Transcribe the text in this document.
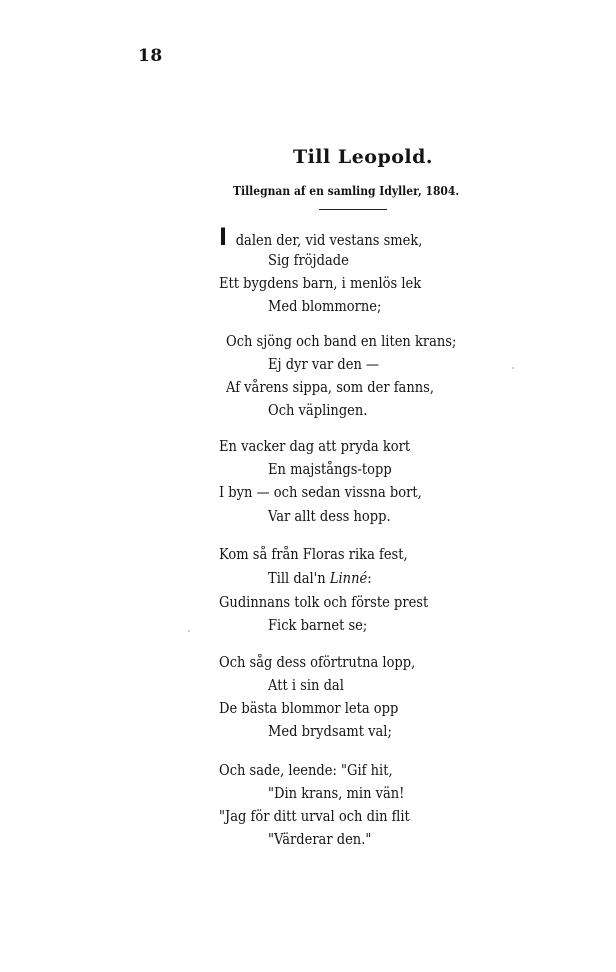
18
Till Leopold.
Tillegnan af en samling Idyller, 1804.
I dalen der, vid vestans smek,
Sig fröjdade
Ett bygdens barn, i menlös lek
Med blommorne;
Och sjöng och band en liten krans;
Ej dyr var den —
Af vårens sippa, som der fanns,
Och väplingen.
En vacker dag att pryda kort
En majstångs-topp
I byn — och sedan vissna bort,
Var allt dess hopp.
Kom så från Floras rika fest,
Till dal'n Linné:
Gudinnans tolk och förste prest
Fick barnet se;
Och såg dess oförtrutna lopp,
Att i sin dal
De bästa blommor leta opp
Med brydsamt val;
Och sade, leende: "Gif hit,
"Din krans, min vän!
"Jag för ditt urval och din flit
"Värderar den."
